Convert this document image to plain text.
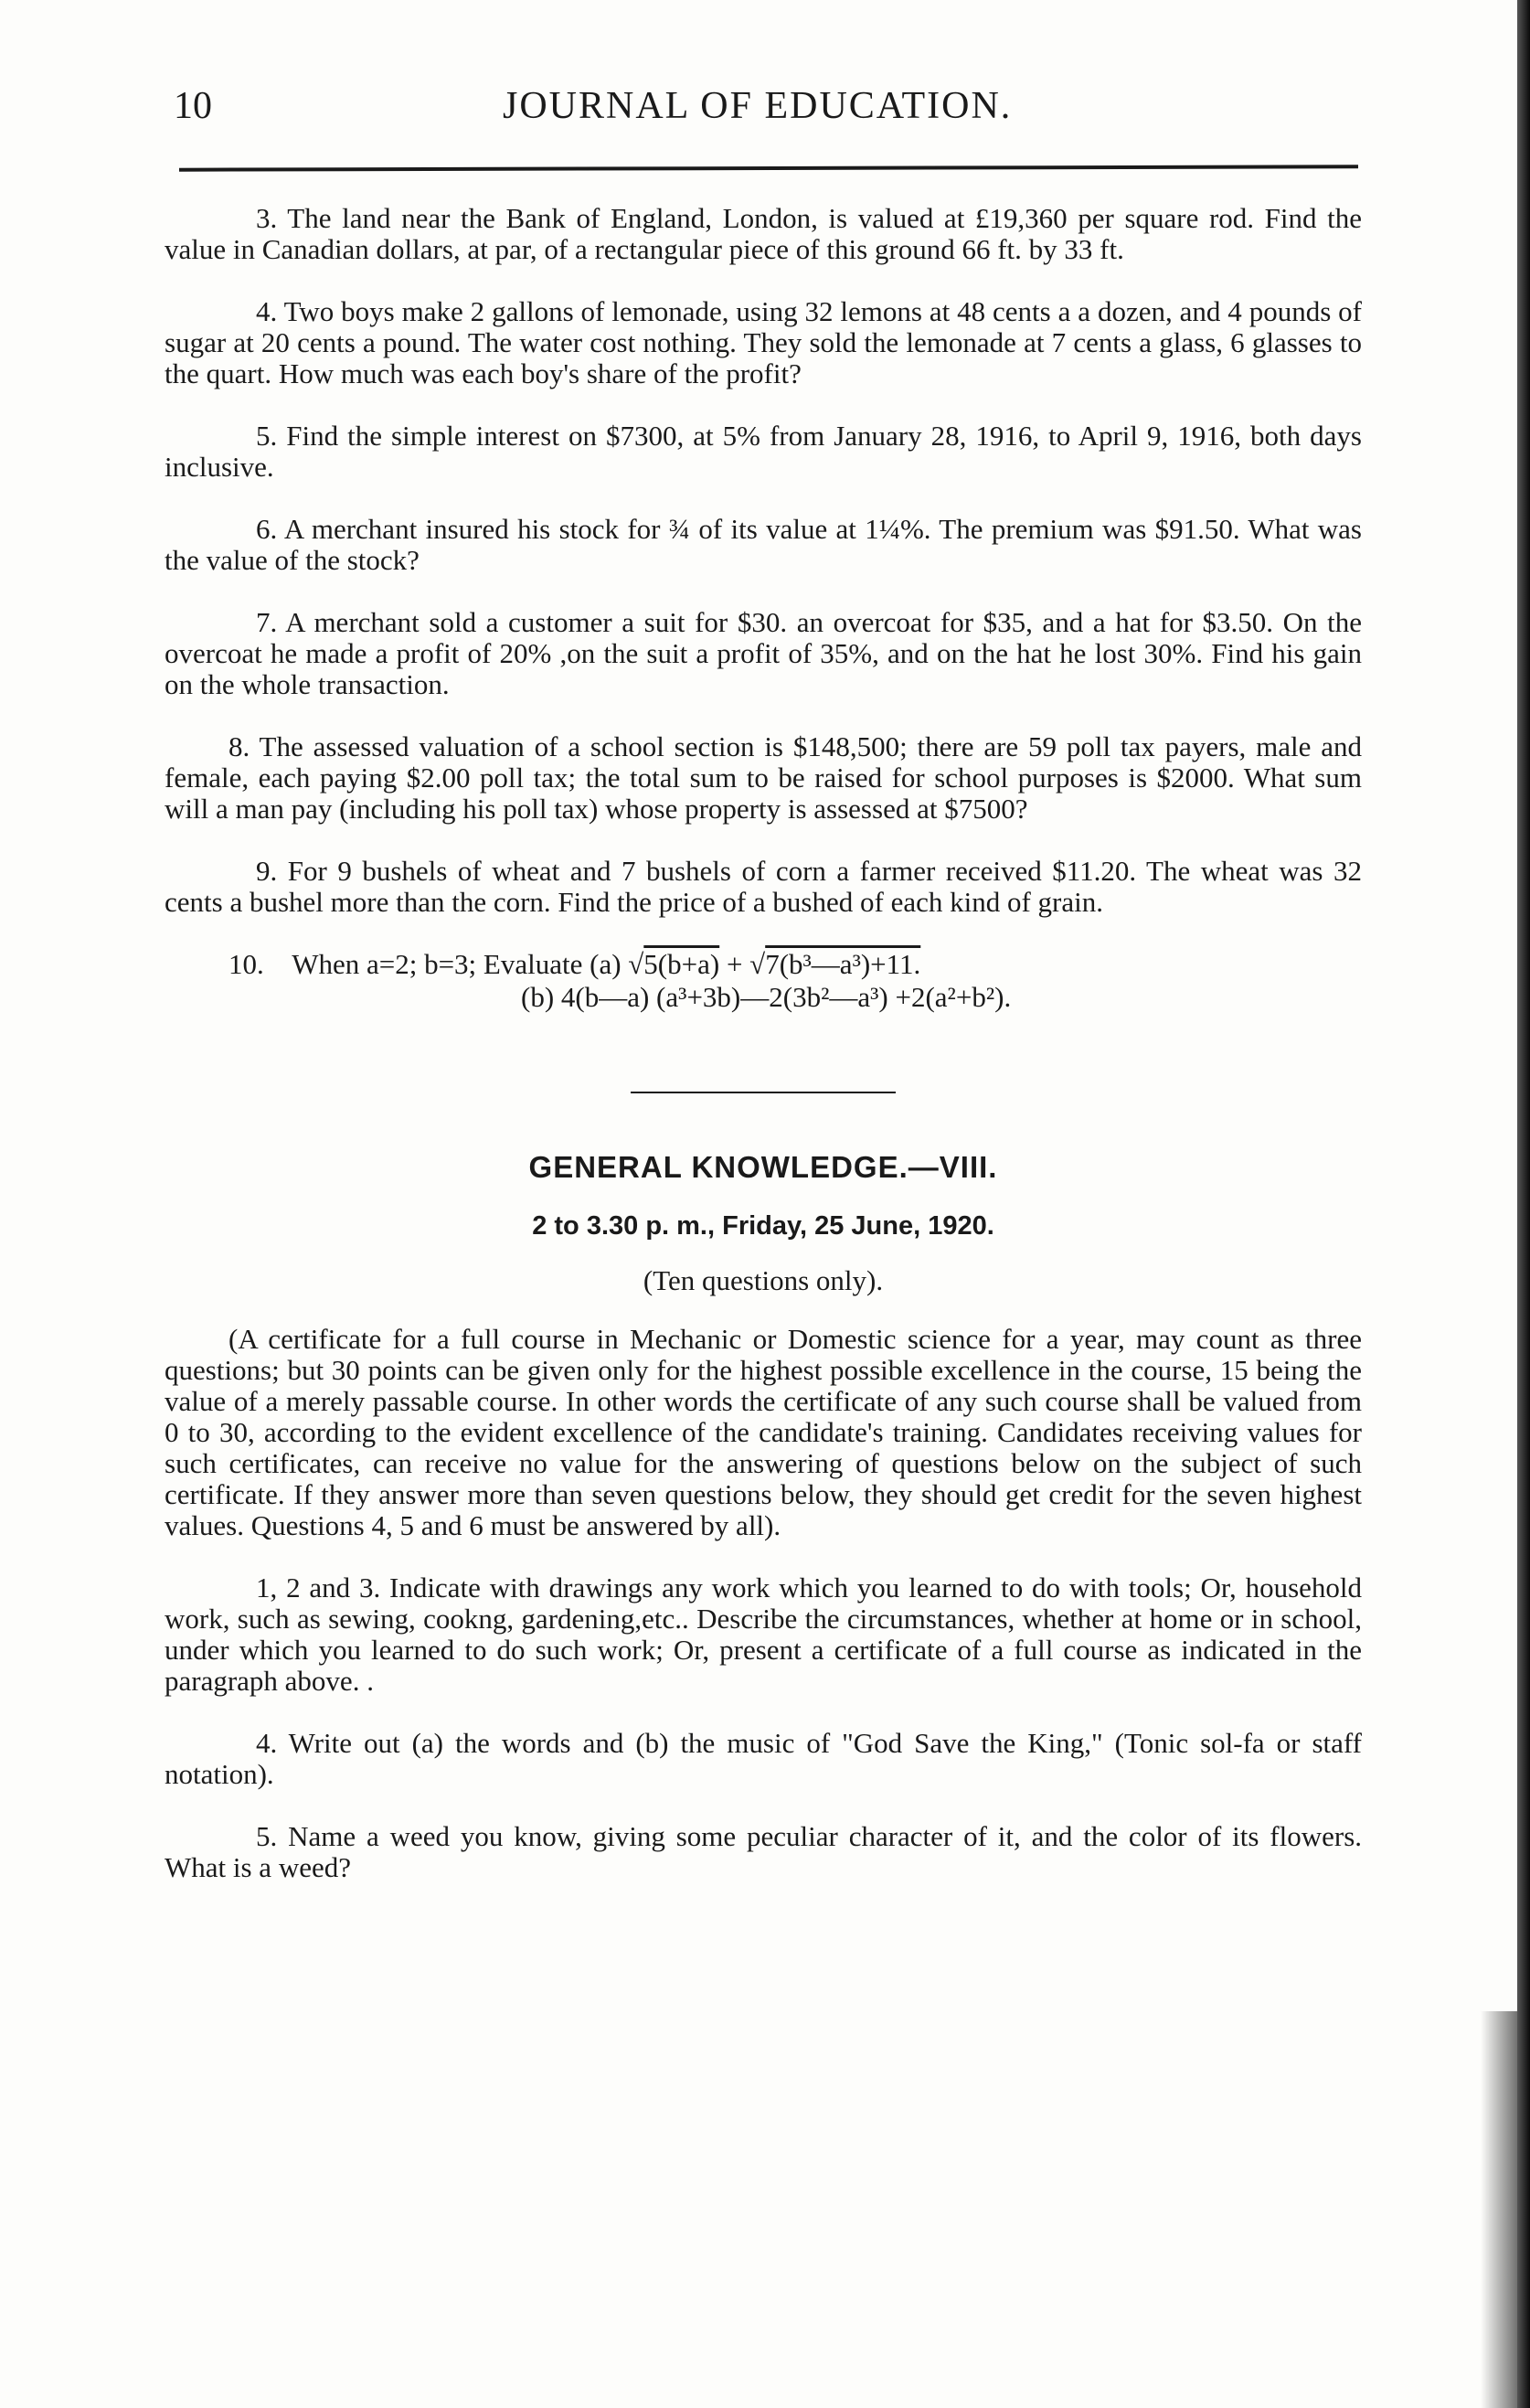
10	JOURNAL OF EDUCATION.

3. The land near the Bank of England, London, is valued at £19,360 per square rod. Find the value in Canadian dollars, at par, of a rectangular piece of this ground 66 ft. by 33 ft.

4. Two boys make 2 gallons of lemonade, using 32 lemons at 48 cents a a dozen, and 4 pounds of sugar at 20 cents a pound. The water cost nothing. They sold the lemonade at 7 cents a glass, 6 glasses to the quart. How much was each boy's share of the profit?

5. Find the simple interest on $7300, at 5% from January 28, 1916, to April 9, 1916, both days inclusive.

6. A merchant insured his stock for ¾ of its value at 1¼%. The premium was $91.50. What was the value of the stock?

7. A merchant sold a customer a suit for $30. an overcoat for $35, and a hat for $3.50. On the overcoat he made a profit of 20% ,on the suit a profit of 35%, and on the hat he lost 30%. Find his gain on the whole transaction.

8. The assessed valuation of a school section is $148,500; there are 59 poll tax payers, male and female, each paying $2.00 poll tax; the total sum to be raised for school purposes is $2000. What sum will a man pay (including his poll tax) whose property is assessed at $7500?

9. For 9 bushels of wheat and 7 bushels of corn a farmer received $11.20. The wheat was 32 cents a bushel more than the corn. Find the price of a bushed of each kind of grain.

10. When a=2; b=3; Evaluate (a) √5(b+a) + √7(b³—a³)+11.
(b) 4(b—a) (a³+3b)—2(3b²—a³) +2(a²+b²).
GENERAL KNOWLEDGE.—VIII.
2 to 3.30 p. m., Friday, 25 June, 1920.
(Ten questions only).

(A certificate for a full course in Mechanic or Domestic science for a year, may count as three questions; but 30 points can be given only for the highest possible excellence in the course, 15 being the value of a merely passable course. In other words the certificate of any such course shall be valued from 0 to 30, according to the evident excellence of the candidate's training. Candidates receiving values for such certificates, can receive no value for the answering of questions below on the subject of such certificate. If they answer more than seven questions below, they should get credit for the seven highest values. Questions 4, 5 and 6 must be answered by all).

1, 2 and 3. Indicate with drawings any work which you learned to do with tools; Or, household work, such as sewing, cookng, gardening,etc.. Describe the circumstances, whether at home or in school, under which you learned to do such work; Or, present a certificate of a full course as indicated in the paragraph above. .

4. Write out (a) the words and (b) the music of "God Save the King," (Tonic sol-fa or staff notation).

5. Name a weed you know, giving some peculiar character of it, and the color of its flowers. What is a weed?
